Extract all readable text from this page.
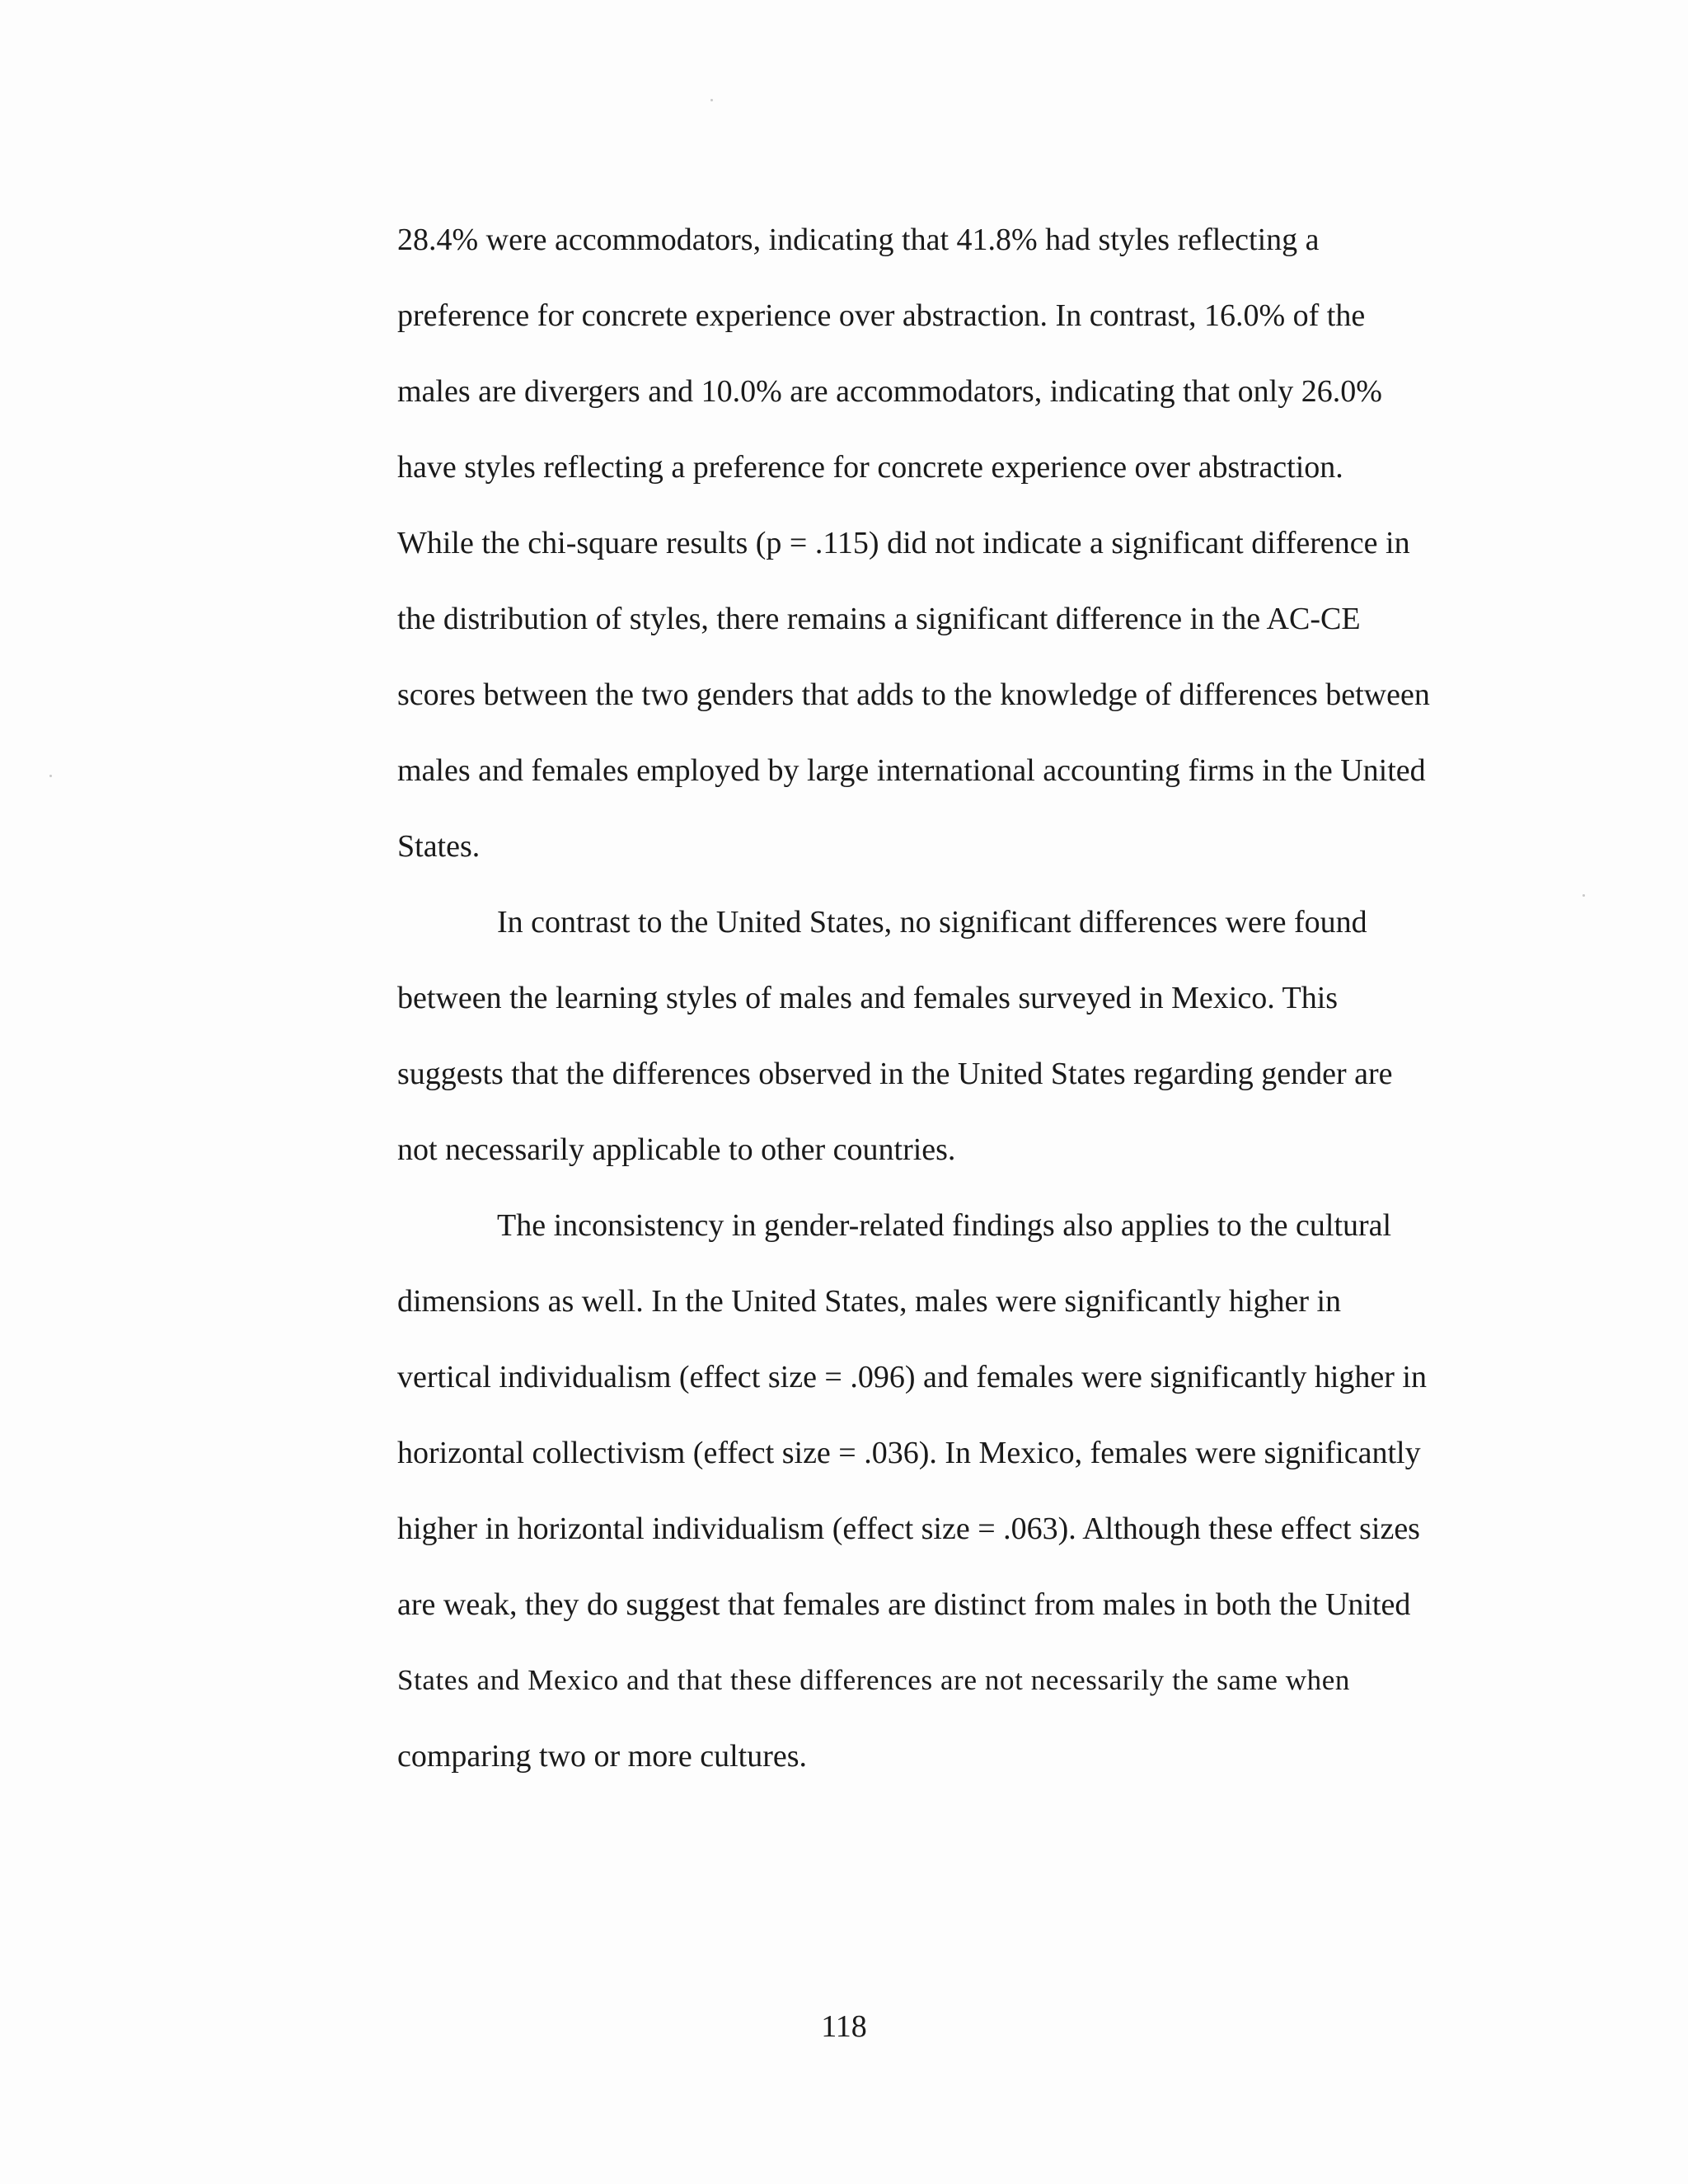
28.4% were accommodators, indicating that 41.8% had styles reflecting a
preference for concrete experience over abstraction. In contrast, 16.0% of the
males are divergers and 10.0% are accommodators, indicating that only 26.0%
have styles reflecting a preference for concrete experience over abstraction.
While the chi-square results (p = .115) did not indicate a significant difference in
the distribution of styles, there remains a significant difference in the AC-CE
scores between the two genders that adds to the knowledge of differences between
males and females employed by large international accounting firms in the United
States.
In contrast to the United States, no significant differences were found
between the learning styles of males and females surveyed in Mexico. This
suggests that the differences observed in the United States regarding gender are
not necessarily applicable to other countries.
The inconsistency in gender-related findings also applies to the cultural
dimensions as well. In the United States, males were significantly higher in
vertical individualism (effect size = .096) and females were significantly higher in
horizontal collectivism (effect size = .036). In Mexico, females were significantly
higher in horizontal individualism (effect size = .063). Although these effect sizes
are weak, they do suggest that females are distinct from males in both the United
States and Mexico and that these differences are not necessarily the same when
comparing two or more cultures.
118
